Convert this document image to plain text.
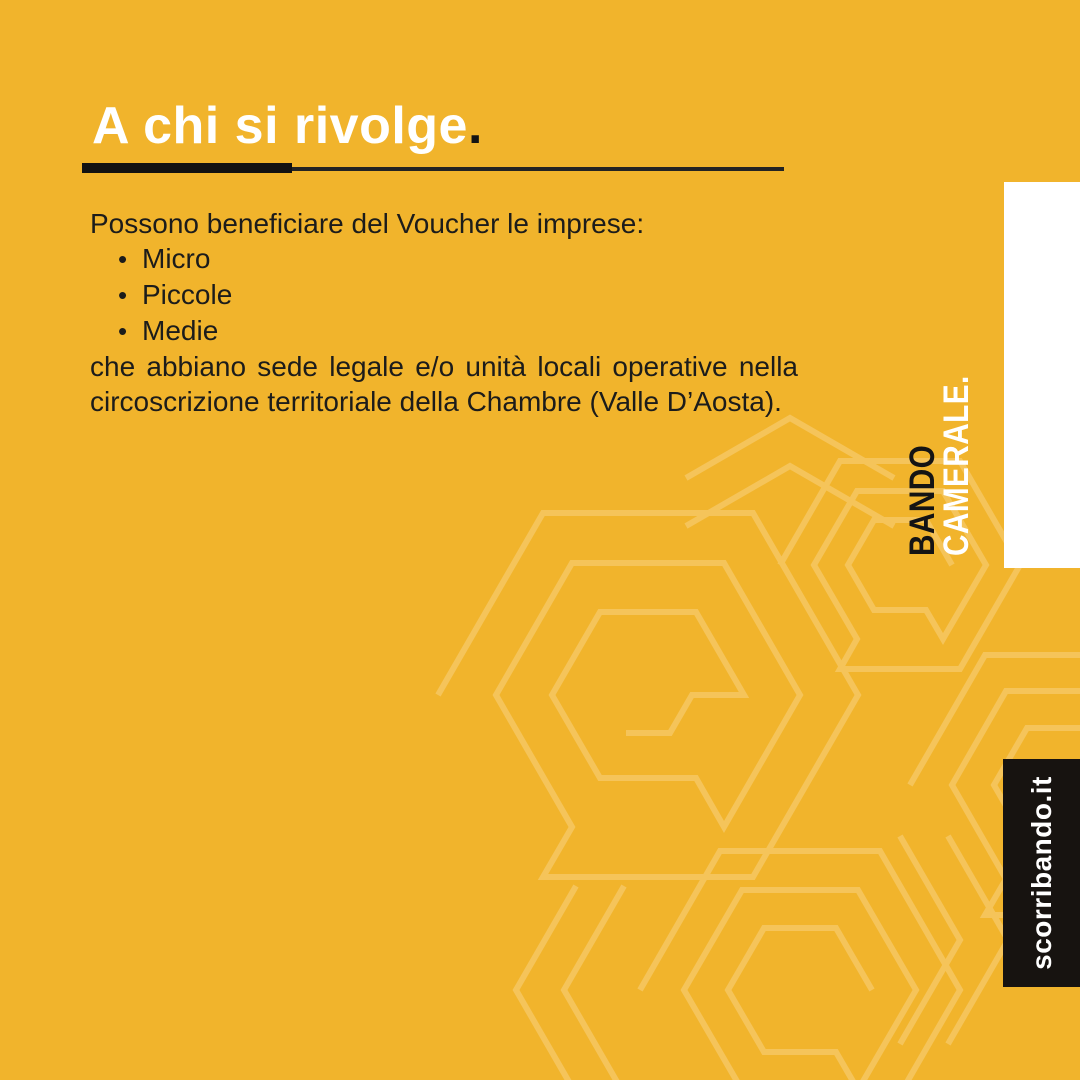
A chi si rivolge.

Possono beneficiare del Voucher le imprese:

• Micro
• Piccole
• Medie

che abbiano sede legale e/o unità locali operative nella circoscrizione territoriale della Chambre (Valle D’Aosta).

BANDO
CAMERALE.
scorribando.it
